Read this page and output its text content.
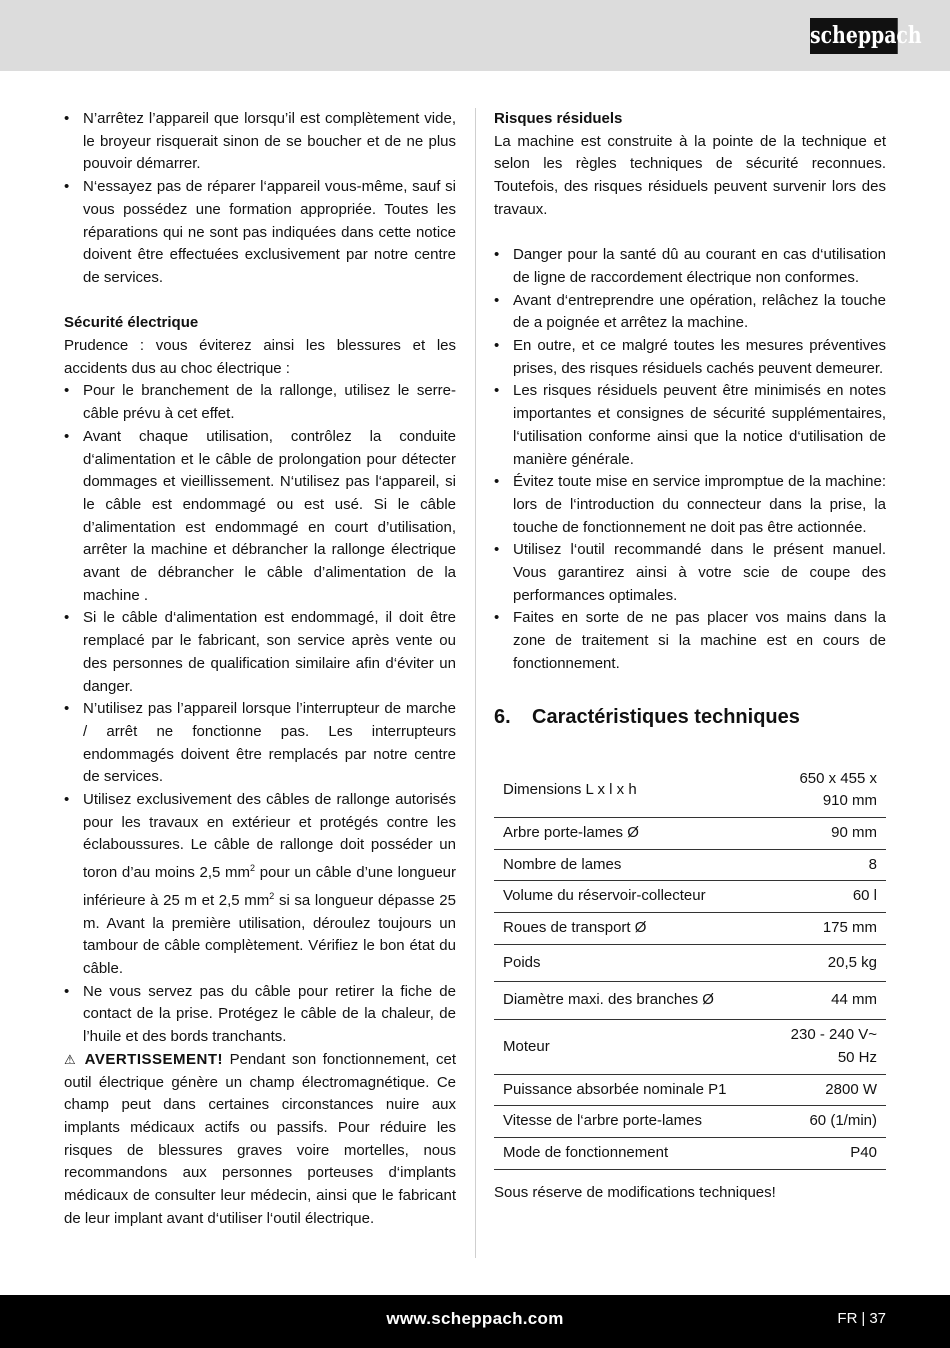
scheppach
• N’arrêtez l’appareil que lorsqu’il est complètement vide, le broyeur risquerait sinon de se boucher et de ne plus pouvoir démarrer.
• N‘essayez pas de réparer l‘appareil vous-même, sauf si vous possédez une formation appropriée. Toutes les réparations qui ne sont pas indiquées dans cette notice doivent être effectuées exclusivement par notre centre de services.

Sécurité électrique

Prudence : vous éviterez ainsi les blessures et les accidents dus au choc électrique :

• Pour le branchement de la rallonge, utilisez le serre-câble prévu à cet effet.
• Avant chaque utilisation, contrôlez la conduite d‘alimentation et le câble de prolongation pour détecter dommages et vieillissement. N‘utilisez pas l‘appareil, si le câble est endommagé ou est usé. Si le câble d’alimentation est endommagé en court d’utilisation, arrêter la machine et débrancher la rallonge électrique avant de débrancher le câble d’alimentation de la machine .
• Si le câble d‘alimentation est endommagé, il doit être remplacé par le fabricant, son service après vente ou des personnes de qualification similaire afin d‘éviter un danger.
• N’utilisez pas l’appareil lorsque l’interrupteur de marche / arrêt ne fonctionne pas. Les interrupteurs endommagés doivent être remplacés par notre centre de services.
• Utilisez exclusivement des câbles de rallonge autorisés pour les travaux en extérieur et protégés contre les éclaboussures. Le câble de rallonge doit posséder un toron d’au moins 2,5 $mm^2$ pour un câble d’une longueur inférieure à 25 m et 2,5 $mm^2$ si sa longueur dépasse 25 m. Avant la première utilisation, déroulez toujours un tambour de câble complètement. Vérifiez le bon état du câble.
• Ne vous servez pas du câble pour retirer la fiche de contact de la prise. Protégez le câble de la chaleur, de l’huile et des bords tranchants.

⚠ AVERTISSEMENT! Pendant son fonctionnement, cet outil électrique génère un champ électromagnétique. Ce champ peut dans certaines circonstances nuire aux implants médicaux actifs ou passifs. Pour réduire les risques de blessures graves voire mortelles, nous recommandons aux personnes porteuses d‘implants médicaux de consulter leur médecin, ainsi que le fabricant de leur implant avant d‘utiliser l‘outil électrique.

Risques résiduels

La machine est construite à la pointe de la technique et selon les règles techniques de sécurité reconnues. Toutefois, des risques résiduels peuvent survenir lors des travaux.

• Danger pour la santé dû au courant en cas d‘utilisation de ligne de raccordement électrique non conformes.
• Avant d‘entreprendre une opération, relâchez la touche de a poignée et arrêtez la machine.
• En outre, et ce malgré toutes les mesures préventives prises, des risques résiduels cachés peuvent demeurer.
• Les risques résiduels peuvent être minimisés en notes importantes et consignes de sécurité supplémentaires, l‘utilisation conforme ainsi que la notice d‘utilisation de manière générale.
• Évitez toute mise en service impromptue de la machine: lors de l‘introduction du connecteur dans la prise, la touche de fonctionnement ne doit pas être actionnée.
• Utilisez l‘outil recommandé dans le présent manuel. Vous garantirez ainsi à votre scie de coupe des performances optimales.
• Faites en sorte de ne pas placer vos mains dans la zone de traitement si la machine est en cours de fonctionnement.
6. Caractéristiques techniques
Dimensions L x l x h	650 x 455 x
910 mm
Arbre porte-lames Ø	90 mm
Nombre de lames	8
Volume du réservoir-collecteur	60 l
Roues de transport Ø	175 mm
Poids	20,5 kg
Diamètre maxi. des branches Ø	44 mm
Moteur	230 - 240 V~
50 Hz
Puissance absorbée nominale P1	2800 W
Vitesse de l‘arbre porte-lames	60 (1/min)
Mode de fonctionnement	P40

Sous réserve de modifications techniques!

www.scheppach.com	FR | 37
